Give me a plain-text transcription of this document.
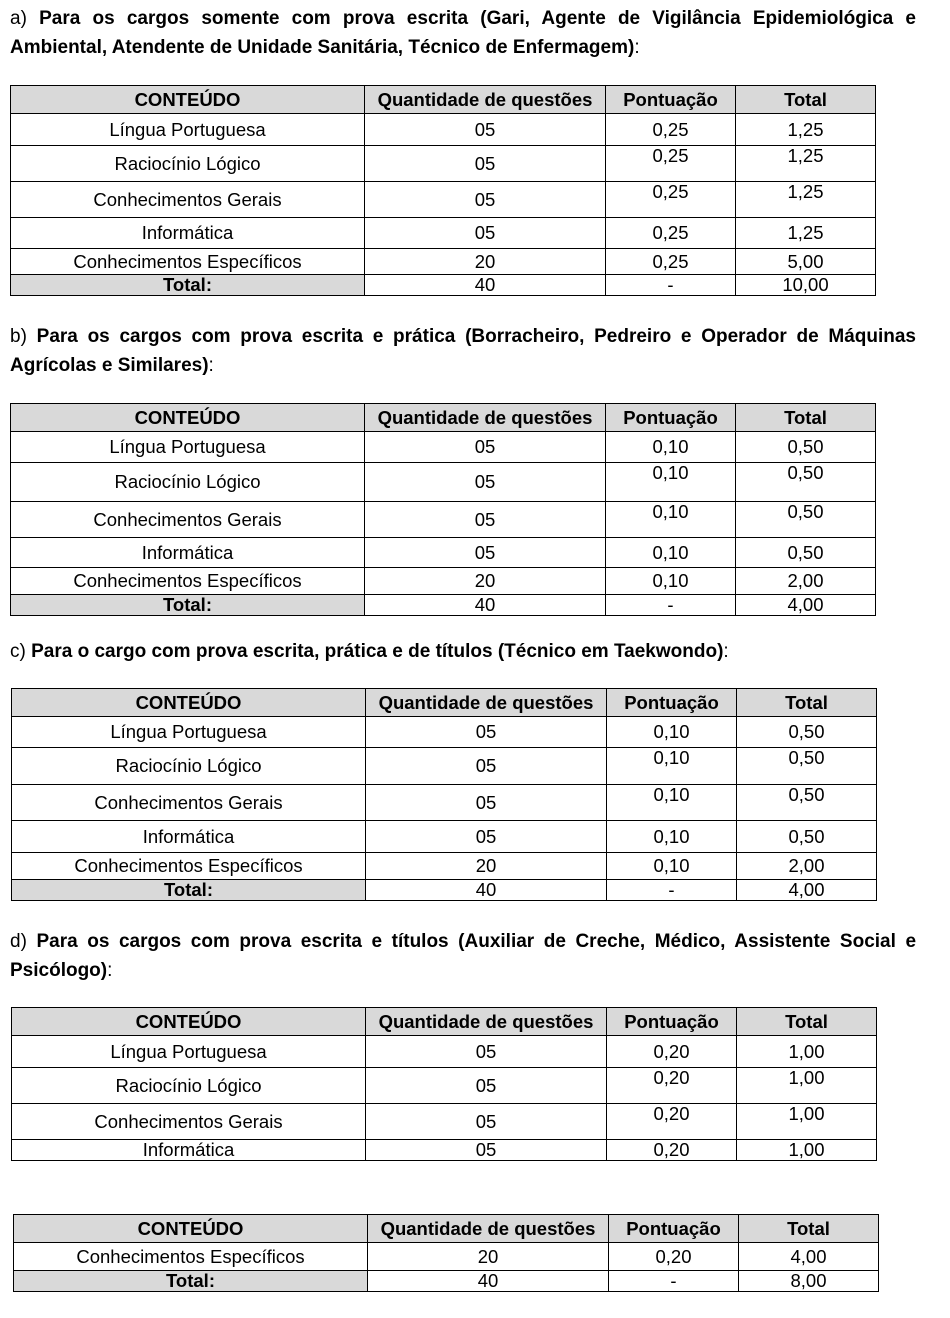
a) Para os cargos somente com prova escrita (Gari, Agente de Vigilância Epidemiológica e Ambiental, Atendente de Unidade Sanitária, Técnico de Enfermagem):
CONTEÚDO	Quantidade de questões	Pontuação	Total
Língua Portuguesa	05	0,25	1,25
Raciocínio Lógico	05	0,25	1,25
Conhecimentos Gerais	05	0,25	1,25
Informática	05	0,25	1,25
Conhecimentos Específicos	20	0,25	5,00
Total:	40	-	10,00
b) Para os cargos com prova escrita e prática (Borracheiro, Pedreiro e Operador de Máquinas Agrícolas e Similares):
CONTEÚDO	Quantidade de questões	Pontuação	Total
Língua Portuguesa	05	0,10	0,50
Raciocínio Lógico	05	0,10	0,50
Conhecimentos Gerais	05	0,10	0,50
Informática	05	0,10	0,50
Conhecimentos Específicos	20	0,10	2,00
Total:	40	-	4,00
c) Para o cargo com prova escrita, prática e de títulos (Técnico em Taekwondo):
CONTEÚDO	Quantidade de questões	Pontuação	Total
Língua Portuguesa	05	0,10	0,50
Raciocínio Lógico	05	0,10	0,50
Conhecimentos Gerais	05	0,10	0,50
Informática	05	0,10	0,50
Conhecimentos Específicos	20	0,10	2,00
Total:	40	-	4,00
d) Para os cargos com prova escrita e títulos (Auxiliar de Creche, Médico, Assistente Social e Psicólogo):
CONTEÚDO	Quantidade de questões	Pontuação	Total
Língua Portuguesa	05	0,20	1,00
Raciocínio Lógico	05	0,20	1,00
Conhecimentos Gerais	05	0,20	1,00
Informática	05	0,20	1,00
CONTEÚDO	Quantidade de questões	Pontuação	Total
Conhecimentos Específicos	20	0,20	4,00
Total:	40	-	8,00
